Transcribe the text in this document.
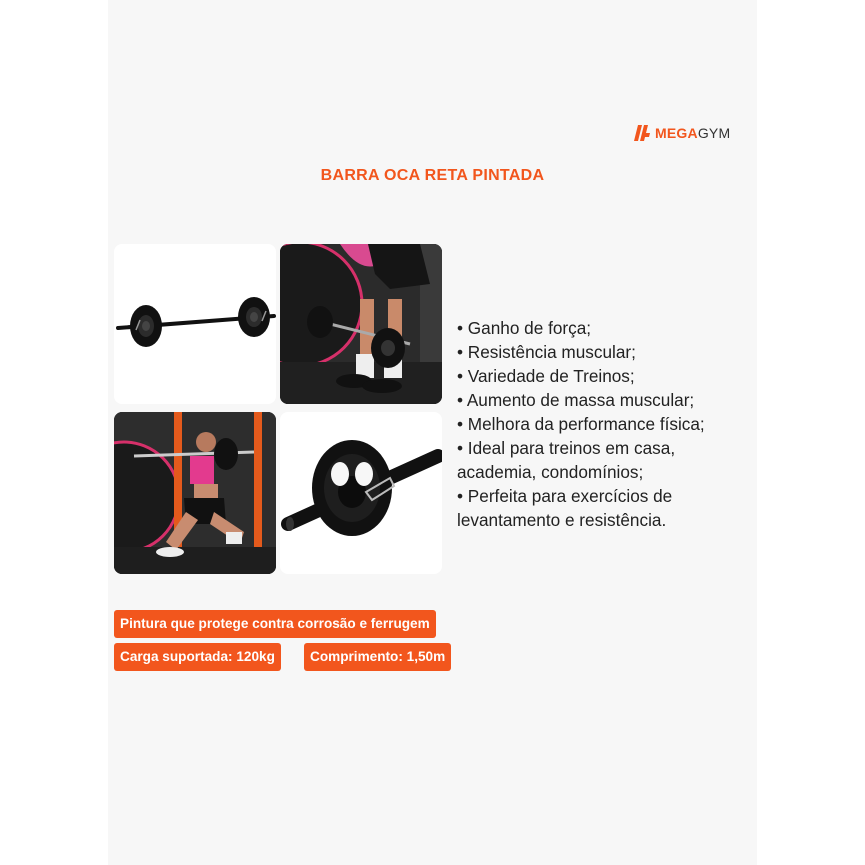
MEGA GYM
BARRA OCA RETA PINTADA
• Ganho de força;
• Resistência muscular;
• Variedade de Treinos;
• Aumento de massa muscular;
• Melhora da performance física;
• Ideal para treinos em casa,
academia, condomínios;
• Perfeita para exercícios de
levantamento e resistência.
Pintura que protege contra corrosão e ferrugem
Carga suportada: 120kg	Comprimento: 1,50m
